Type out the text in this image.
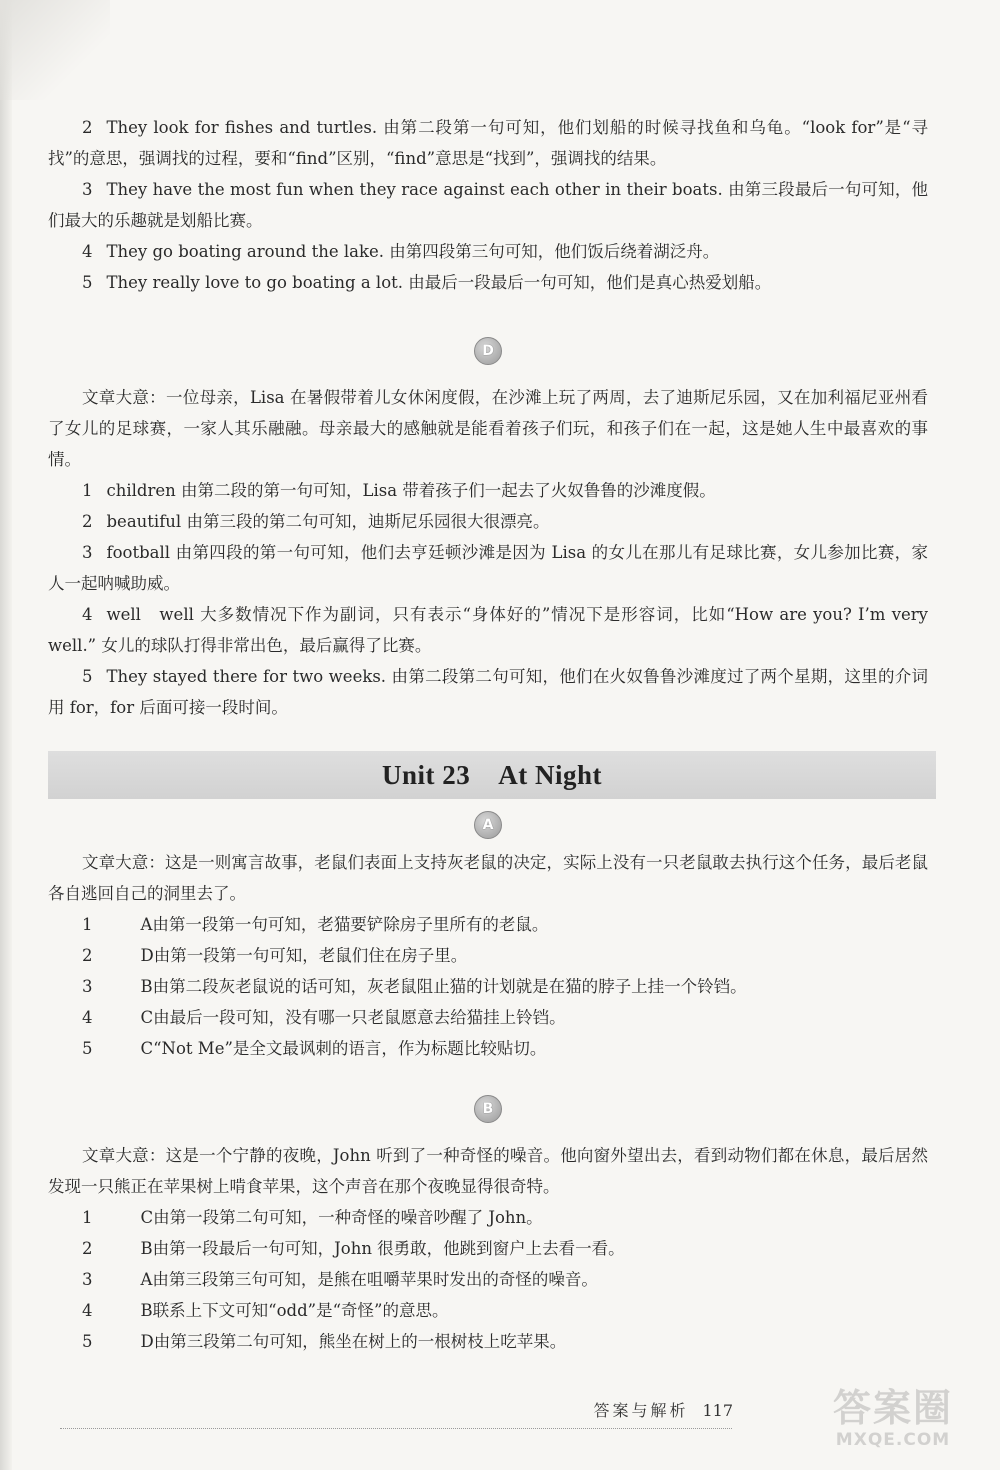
2 They look for fishes and turtles. 由第二段第一句可知，他们划船的时候寻找鱼和乌龟。“look for”是“寻找”的意思，强调找的过程，要和“find”区别，“find”意思是“找到”，强调找的结果。

3 They have the most fun when they race against each other in their boats. 由第三段最后一句可知，他们最大的乐趣就是划船比赛。

4 They go boating around the lake. 由第四段第三句可知，他们饭后绕着湖泛舟。

5 They really love to go boating a lot. 由最后一段最后一句可知，他们是真心热爱划船。

D

文章大意：一位母亲，Lisa 在暑假带着儿女休闲度假，在沙滩上玩了两周，去了迪斯尼乐园，又在加利福尼亚州看了女儿的足球赛，一家人其乐融融。母亲最大的感触就是能看着孩子们玩，和孩子们在一起，这是她人生中最喜欢的事情。

1 children 由第二段的第一句可知，Lisa 带着孩子们一起去了火奴鲁鲁的沙滩度假。

2 beautiful 由第三段的第二句可知，迪斯尼乐园很大很漂亮。

3 football 由第四段的第一句可知，他们去亨廷顿沙滩是因为 Lisa 的女儿在那儿有足球比赛，女儿参加比赛，家人一起呐喊助威。

4 well　well 大多数情况下作为副词，只有表示“身体好的”情况下是形容词，比如“How are you? I’m very well.” 女儿的球队打得非常出色，最后赢得了比赛。

5 They stayed there for two weeks. 由第二段第二句可知，他们在火奴鲁鲁沙滩度过了两个星期，这里的介词用 for，for 后面可接一段时间。

Unit 23 At Night
A

文章大意：这是一则寓言故事，老鼠们表面上支持灰老鼠的决定，实际上没有一只老鼠敢去执行这个任务，最后老鼠各自逃回自己的洞里去了。

1	A由第一段第一句可知，老猫要铲除房子里所有的老鼠。

2	D由第一段第一句可知，老鼠们住在房子里。

3	B由第二段灰老鼠说的话可知，灰老鼠阻止猫的计划就是在猫的脖子上挂一个铃铛。

4	C由最后一段可知，没有哪一只老鼠愿意去给猫挂上铃铛。

5	C“Not Me”是全文最讽刺的语言，作为标题比较贴切。

B

文章大意：这是一个宁静的夜晚，John 听到了一种奇怪的噪音。他向窗外望出去，看到动物们都在休息，最后居然发现一只熊正在苹果树上啃食苹果，这个声音在那个夜晚显得很奇特。

1	C由第一段第二句可知，一种奇怪的噪音吵醒了 John。

2	B由第一段最后一句可知，John 很勇敢，他跳到窗户上去看一看。

3	A由第三段第三句可知，是熊在咀嚼苹果时发出的奇怪的噪音。

4	B联系上下文可知“odd”是“奇怪”的意思。

5	D由第三段第二句可知，熊坐在树上的一根树枝上吃苹果。

答案与解析 117	答案圈
MXQE.COM
